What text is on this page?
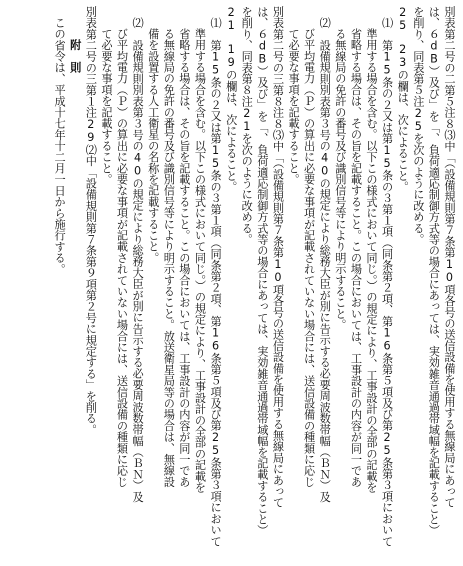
別表第二号の二第５注８⑶中「（設備規則第７条第10項各号の送信設備を使用する無線局にあって
は、６dB）及び」を「、負荷適応制御方式等の場合にあっては、実効雑音通過帯域幅を記載すること）
を削り、同表第５注25を次のように改める。
25　23の欄は、次によること。
⑴　第15条の２又は第15条の３第１項（同条第２項、第16条第５項及び第25条第３項において
準用する場合を含む。以下この様式において同じ。）の規定により、工事設計の全部の記載を
省略する場合は、その旨を記載すること。この場合においては、工事設計の内容が同一であ
る無線局の免許の番号及び識別信号等により明示すること。
⑵　設備規則別表第３号の40の規定により総務大臣が別に告示する必要周波数帯幅（ＢＮ）及
び平均電力（Ｐ）の算出に必要な事項が記載されていない場合には、送信設備の種類に応じ
て必要な事項を記載すること。
別表第二号の三第８注８⑶中「（設備規則第７条第10項各号の送信設備を使用する無線局にあって
は、６dB）及び」を「、負荷適応制御方式等の場合にあっては、実効雑音通過帯域幅を記載すること）
を削り、同表第８注21を次のように改める。
21　19の欄は、次によること。
⑴　第15条の２又は第15条の３第１項（同条第２項、第16条第５項及び第25条第３項において
準用する場合を含む。以下この様式において同じ。）の規定により、工事設計の全部の記載を
省略する場合は、その旨を記載すること。この場合においては、工事設計の内容が同一であ
る無線局の免許の番号及び識別信号等により明示すること。放送衛星局等の場合は、無線設
備を設置する人工衛星の名称を記載すること。
⑵　設備規則別表第３号の40の規定により総務大臣が別に告示する必要周波数帯幅（ＢＮ）及
び平均電力（Ｐ）の算出に必要な事項が記載されていない場合には、送信設備の種類に応じ
て必要な事項を記載すること。
別表第二号の三第１注29⑵中「設備規則第７条第９項第２号に規定する」を削る。
附　則
この省令は、平成十七年十二月一日から施行する。
